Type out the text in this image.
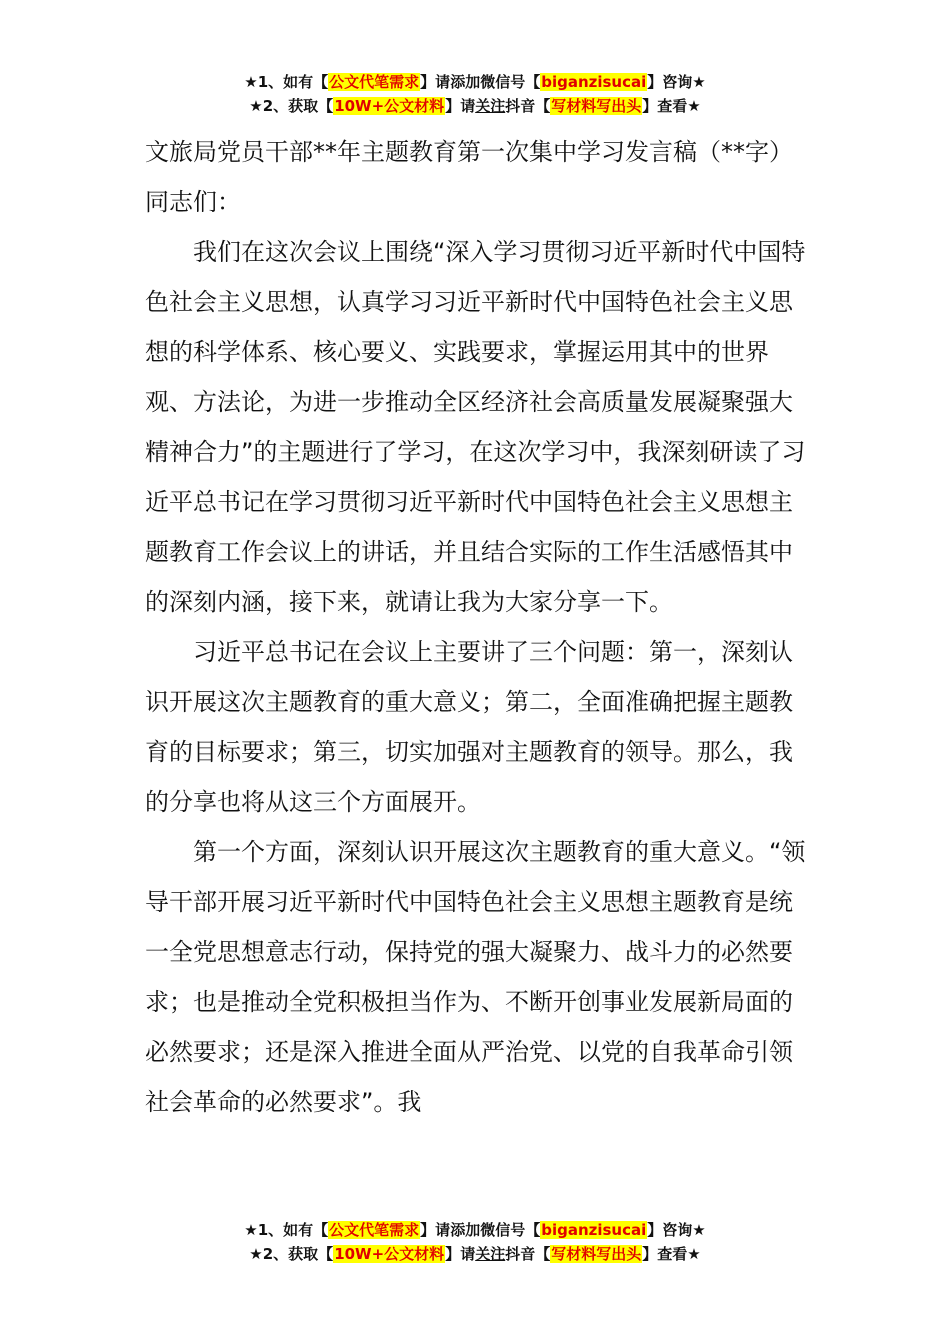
★1、如有【公文代笔需求】请添加微信号【biganzisucai】咨询★
★2、获取【10W+公文材料】请关注抖音【写材料写出头】查看★
文旅局党员干部**年主题教育第一次集中学习发言稿（**字）

同志们：

我们在这次会议上围绕“深入学习贯彻习近平新时代中国特色社会主义思想，认真学习习近平新时代中国特色社会主义思想的科学体系、核心要义、实践要求，掌握运用其中的世界观、方法论，为进一步推动全区经济社会高质量发展凝聚强大精神合力”的主题进行了学习，在这次学习中，我深刻研读了习近平总书记在学习贯彻习近平新时代中国特色社会主义思想主题教育工作会议上的讲话，并且结合实际的工作生活感悟其中的深刻内涵，接下来，就请让我为大家分享一下。

习近平总书记在会议上主要讲了三个问题：第一，深刻认识开展这次主题教育的重大意义；第二，全面准确把握主题教育的目标要求；第三，切实加强对主题教育的领导。那么，我的分享也将从这三个方面展开。

第一个方面，深刻认识开展这次主题教育的重大意义。“领导干部开展习近平新时代中国特色社会主义思想主题教育是统一全党思想意志行动，保持党的强大凝聚力、战斗力的必然要求；也是推动全党积极担当作为、不断开创事业发展新局面的必然要求；还是深入推进全面从严治党、以党的自我革命引领社会革命的必然要求”。我

★1、如有【公文代笔需求】请添加微信号【biganzisucai】咨询★
★2、获取【10W+公文材料】请关注抖音【写材料写出头】查看★
